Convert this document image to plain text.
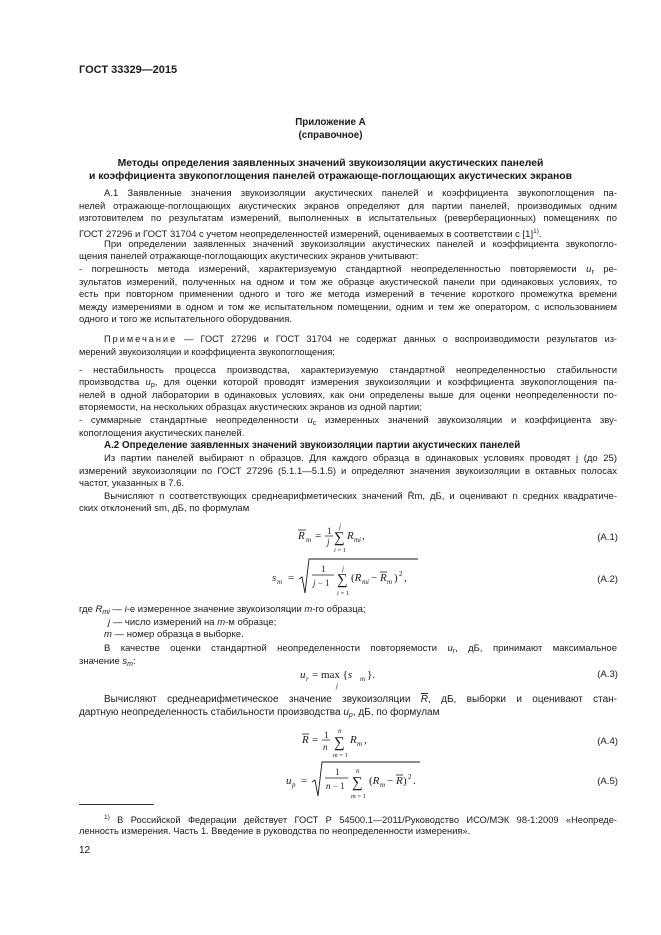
ГОСТ 33329—2015
Приложение А
(справочное)
Методы определения заявленных значений звукоизоляции акустических панелей
и коэффициента звукопоглощения панелей отражающе-поглощающих акустических экранов
А.1 Заявленные значения звукоизоляции акустических панелей и коэффициента звукопоглощения па-
нелей отражающе-поглощающих акустических экранов определяют для партии панелей, производимых одним
изготовителем по результатам измерений, выполненных в испытательных (реверберационных) помещениях по
ГОСТ 27296 и ГОСТ 31704 с учетом неопределенностей измерений, оцениваемых в соответствии с $[1]^{1)}$.
При определении заявленных значений звукоизоляции акустических панелей и коэффициента звукопогло-
щения панелей отражающе-поглощающих акустических экранов учитывают:
- погрешность метода измерений, характеризуемую стандартной неопределенностью повторяемости $u_r$ ре-
зультатов измерений, полученных на одном и том же образце акустической панели при одинаковых условиях, то
есть при повторном применении одного и того же метода измерений в течение короткого промежутка времени
между измерениями в одном и том же испытательном помещении, одним и тем же оператором, с использованием
одного и того же испытательного оборудования.
Примечание — ГОСТ 27296 и ГОСТ 31704 не содержат данных о воспроизводимости результатов из-
мерений звукоизоляции и коэффициента звукопоглощения;
- нестабильность процесса производства, характеризуемую стандартной неопределенностью стабильности
производства $u_p$, для оценки которой проводят измерения звукоизоляции и коэффициента звукопоглощения па-
нелей в одной лаборатории в одинаковых условиях, как они определены выше для оценки неопределенности по-
вторяемости, на нескольких образцах акустических экранов из одной партии;
- суммарные стандартные неопределенности $u_c$ измеренных значений звукоизоляции и коэффициента зву-
копоглощения акустических панелей.
А.2 Определение заявленных значений звукоизоляции партии акустических панелей
Из партии панелей выбирают n образцов. Для каждого образца в одинаковых условиях проводят j (до 25)
измерений звукоизоляции по ГОСТ 27296 (5.1.1—5.1.5) и определяют значения звукоизоляции в октавных полосах
частот, указанных в 7.6.
Вычисляют n соответствующих среднеарифметических значений R̄m, дБ, и оценивают n средних квадратиче-
ских отклонений sm, дБ, по формулам
R m = 1
j ∑
j
i = 1
R mi ,	(А.1)
s m =
1
j − 1 ∑
j
i = 1
(R mi − R m ) 2 ,	(А.2)
где $R_{mi}$ — i-е измеренное значение звукоизоляции m-го образца;
j — число измерений на m-м образце;
m — номер образца в выборке.
В качестве оценки стандартной неопределенности повторяемости $u_r$, дБ, принимают максимальное
значение $s_m$:
u r = max {s m }.
j
(А.3)
Вычисляют среднеарифметическое значение звукоизоляции $\overline{R}$, дБ, выборки и оценивают стан-
дартную неопределенность стабильности производства $u_p$, дБ, по формулам
R = 1
n ∑
n
m = 1
R m ,	(А.4)
u p =
1
n − 1 ∑
n
m = 1
(R m − R ) 2 .	(А.5)
$^{1)}$ В Российской Федерации действует ГОСТ Р 54500.1—2011/Руководство ИСО/МЭК 98-1:2009 «Неопреде-
ленность измерения. Часть 1. Введение в руководства по неопределенности измерения».
12
